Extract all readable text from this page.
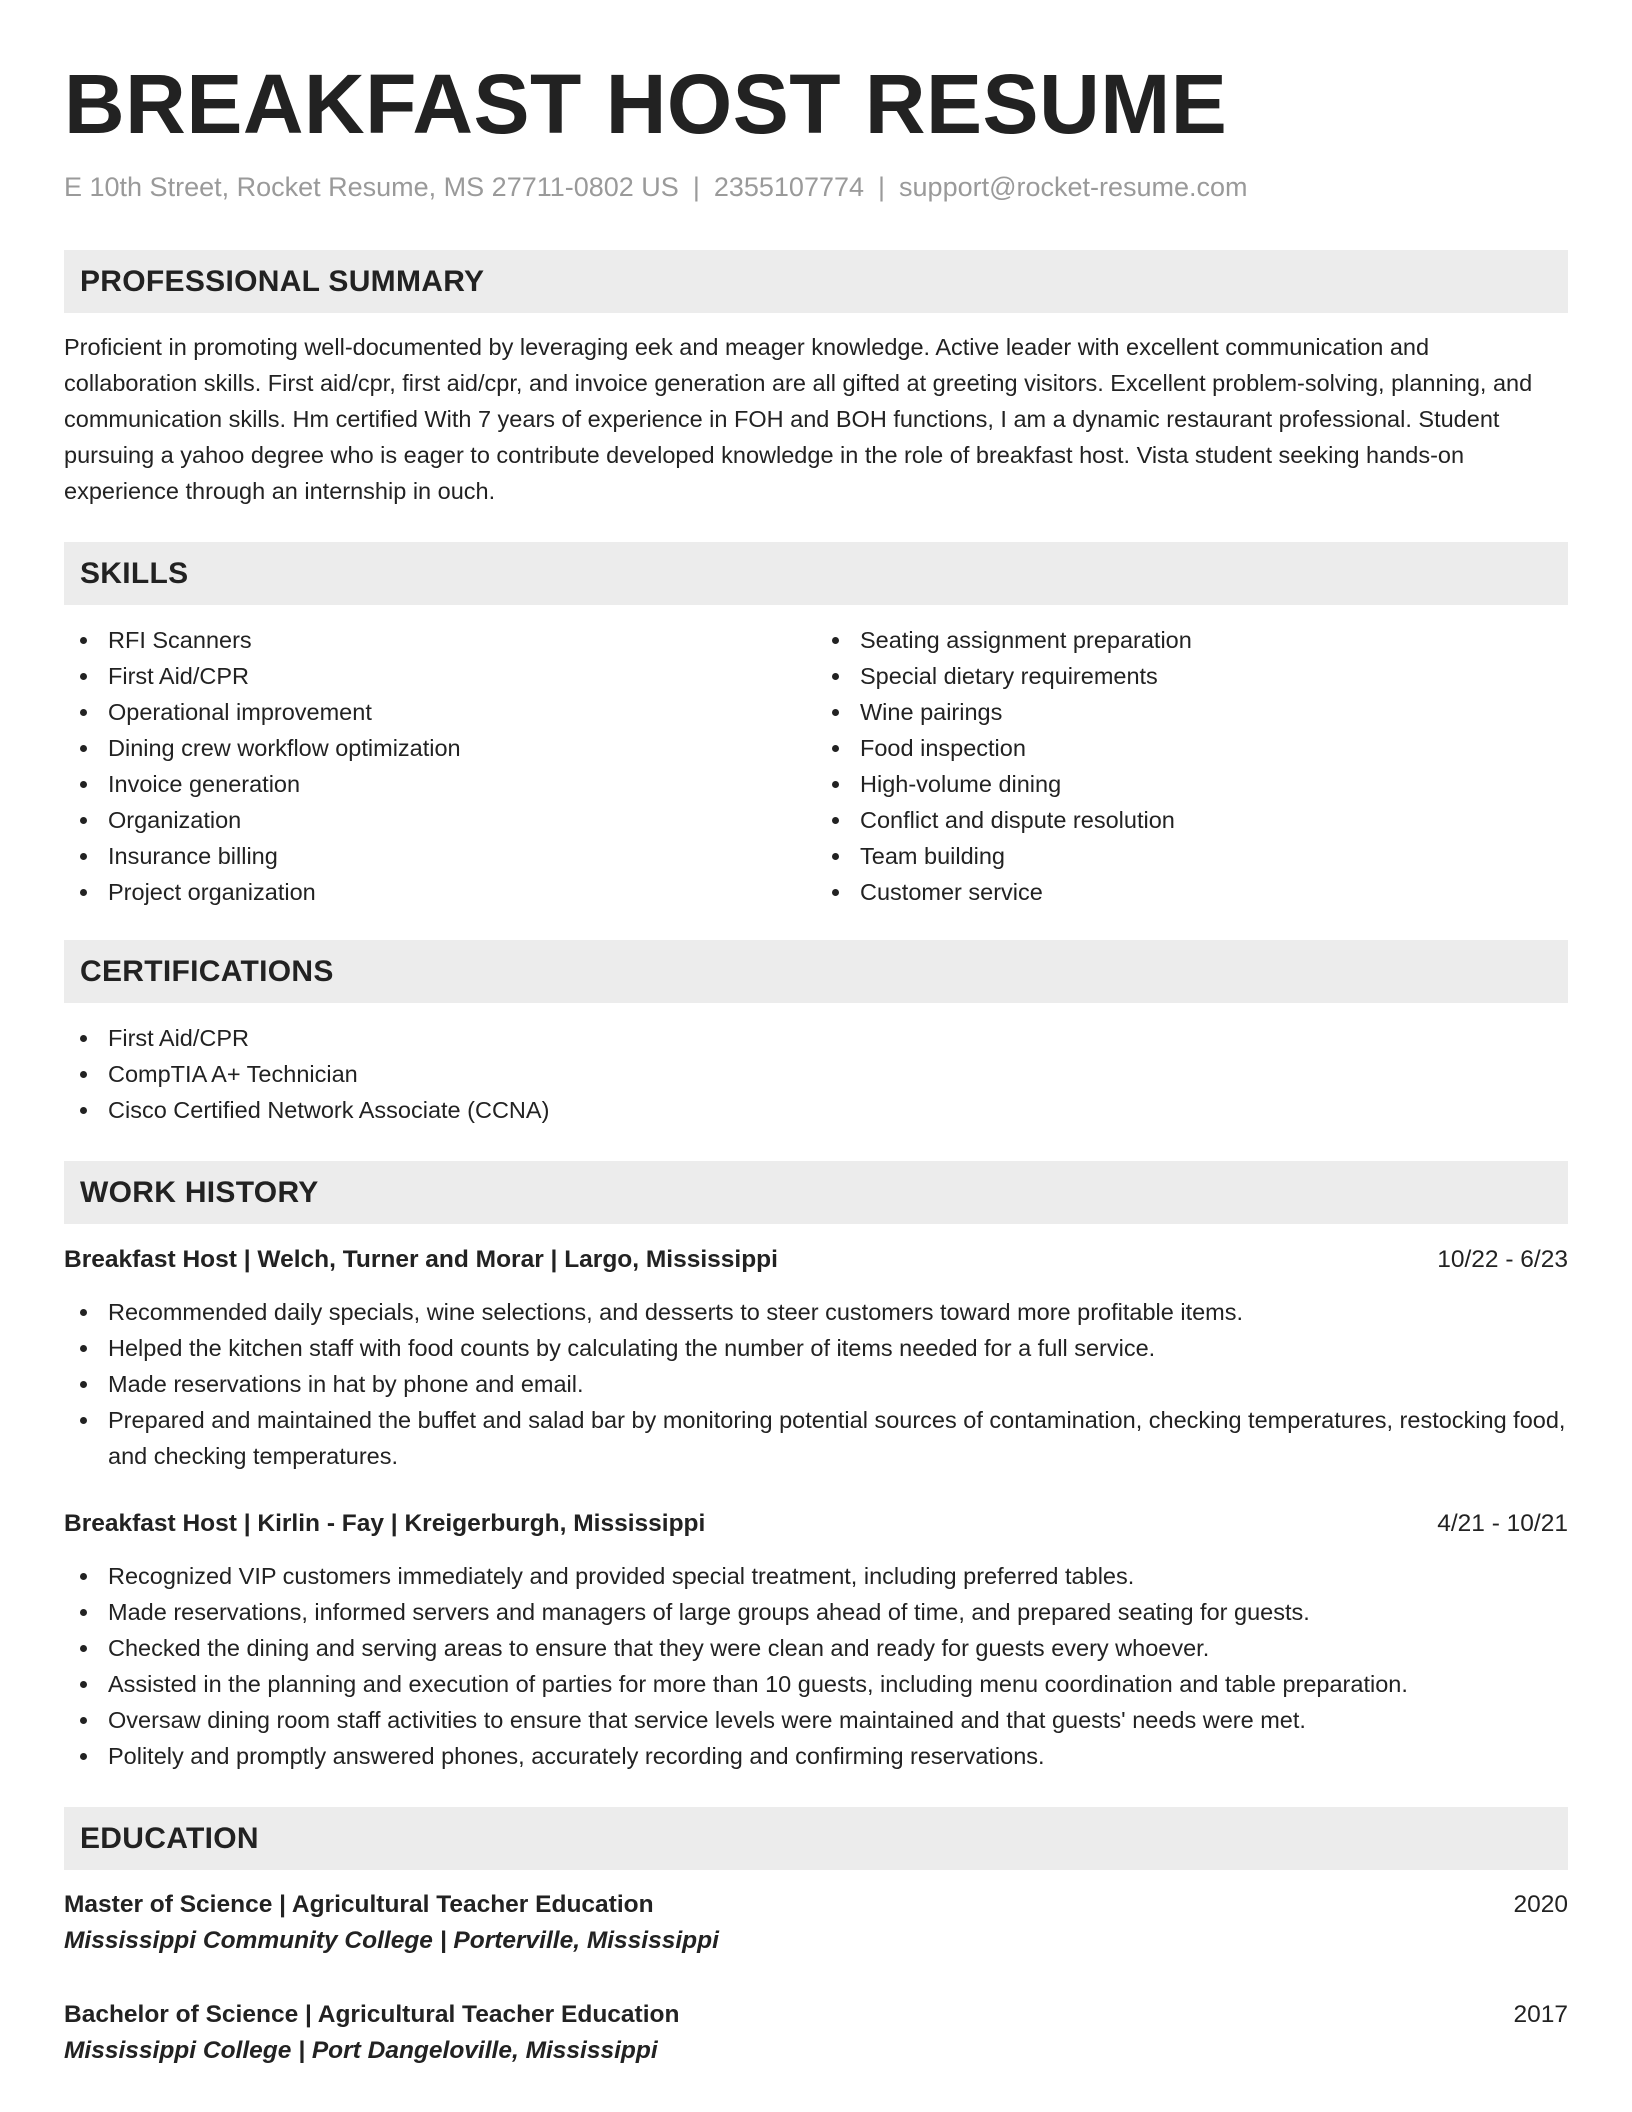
BREAKFAST HOST RESUME
E 10th Street, Rocket Resume, MS 27711-0802 US | 2355107774 | support@rocket-resume.com
PROFESSIONAL SUMMARY

Proficient in promoting well-documented by leveraging eek and meager knowledge. Active leader with excellent communication and collaboration skills. First aid/cpr, first aid/cpr, and invoice generation are all gifted at greeting visitors. Excellent problem-solving, planning, and communication skills. Hm certified With 7 years of experience in FOH and BOH functions, I am a dynamic restaurant professional. Student pursuing a yahoo degree who is eager to contribute developed knowledge in the role of breakfast host. Vista student seeking hands-on experience through an internship in ouch.

SKILLS
RFI Scanners
First Aid/CPR
Operational improvement
Dining crew workflow optimization
Invoice generation
Organization
Insurance billing
Project organization
Seating assignment preparation
Special dietary requirements
Wine pairings
Food inspection
High-volume dining
Conflict and dispute resolution
Team building
Customer service
CERTIFICATIONS
First Aid/CPR
CompTIA A+ Technician
Cisco Certified Network Associate (CCNA)
WORK HISTORY
Breakfast Host | Welch, Turner and Morar | Largo, Mississippi	10/22 - 6/23
Recommended daily specials, wine selections, and desserts to steer customers toward more profitable items.
Helped the kitchen staff with food counts by calculating the number of items needed for a full service.
Made reservations in hat by phone and email.
Prepared and maintained the buffet and salad bar by monitoring potential sources of contamination, checking temperatures, restocking food, and checking temperatures.
Breakfast Host | Kirlin - Fay | Kreigerburgh, Mississippi	4/21 - 10/21
Recognized VIP customers immediately and provided special treatment, including preferred tables.
Made reservations, informed servers and managers of large groups ahead of time, and prepared seating for guests.
Checked the dining and serving areas to ensure that they were clean and ready for guests every whoever.
Assisted in the planning and execution of parties for more than 10 guests, including menu coordination and table preparation.
Oversaw dining room staff activities to ensure that service levels were maintained and that guests' needs were met.
Politely and promptly answered phones, accurately recording and confirming reservations.
EDUCATION
Master of Science | Agricultural Teacher Education	2020
Mississippi Community College | Porterville, Mississippi
Bachelor of Science | Agricultural Teacher Education	2017
Mississippi College | Port Dangeloville, Mississippi
